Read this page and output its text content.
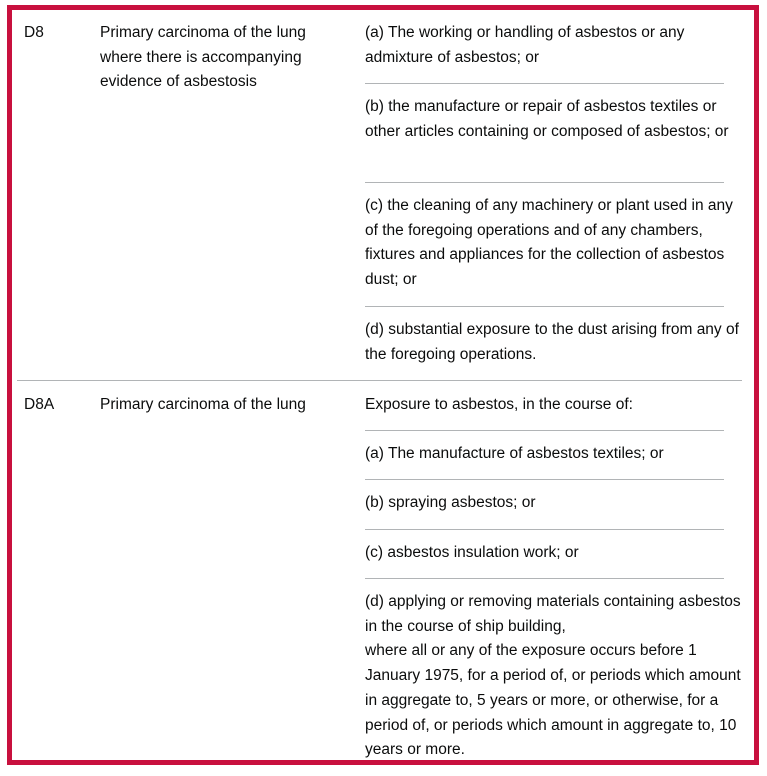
D8	Primary carcinoma of the lung where there is accompanying evidence of asbestosis
(a) The working or handling of asbestos or any admixture of asbestos; or
(b) the manufacture or repair of asbestos textiles or other articles containing or composed of asbestos; or
(c) the cleaning of any machinery or plant used in any of the foregoing operations and of any chambers, fixtures and appliances for the collection of asbestos dust; or
(d) substantial exposure to the dust arising from any of the foregoing operations.
D8A	Primary carcinoma of the lung	Exposure to asbestos, in the course of:
(a) The manufacture of asbestos textiles; or
(b) spraying asbestos; or
(c) asbestos insulation work; or
(d) applying or removing materials containing asbestos in the course of ship building,
where all or any of the exposure occurs before 1 January 1975, for a period of, or periods which amount in aggregate to, 5 years or more, or otherwise, for a period of, or periods which amount in aggregate to, 10 years or more.
